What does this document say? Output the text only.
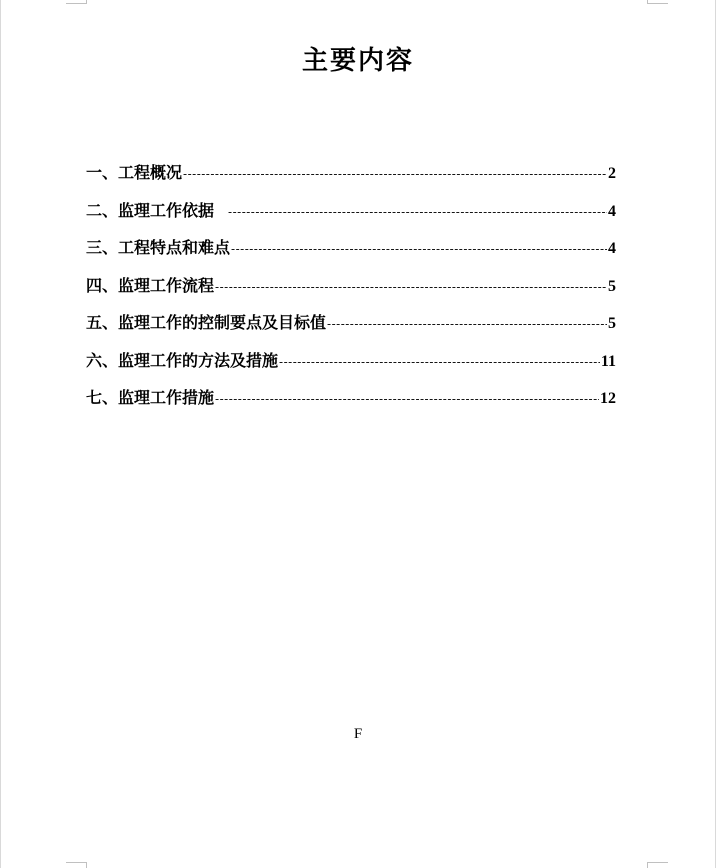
主要内容
一、 工程概况 -----	2
二、 监理工作依据 -----	4
三、 工程特点和难点 -----	4
四、 监理工作流程 -----	5
五、 监理工作的控制要点及目标值 -----	5
六、 监理工作的方法及措施 -----	11
七、 监理工作措施 -----	12
F
